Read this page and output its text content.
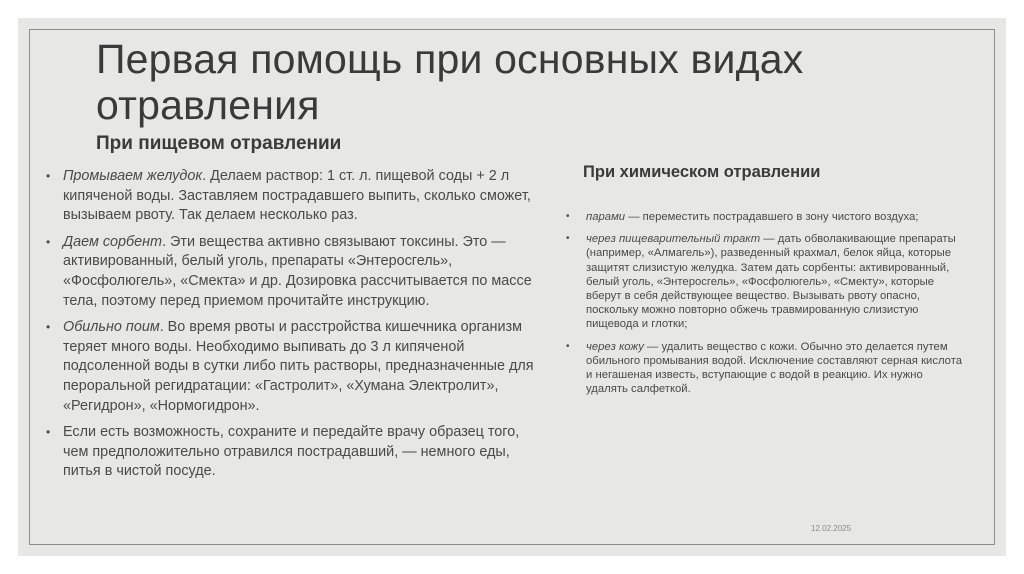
Первая помощь при основных видах отравления
При пищевом отравлении
При химическом отравлении
• Промываем желудок. Делаем раствор: 1 ст. л. пищевой соды + 2 л кипяченой воды. Заставляем пострадавшего выпить, сколько сможет, вызываем рвоту. Так делаем несколько раз.
• Даем сорбент. Эти вещества активно связывают токсины. Это — активированный, белый уголь, препараты «Энтеросгель», «Фосфолюгель», «Смекта» и др. Дозировка рассчитывается по массе тела, поэтому перед приемом прочитайте инструкцию.
• Обильно поим. Во время рвоты и расстройства кишечника организм теряет много воды. Необходимо выпивать до 3 л кипяченой подсоленной воды в сутки либо пить растворы, предназначенные для пероральной регидратации: «Гастролит», «Хумана Электролит», «Регидрон», «Нормогидрон».
• Если есть возможность, сохраните и передайте врачу образец того, чем предположительно отравился пострадавший, — немного еды, питья в чистой посуде.
• парами — переместить пострадавшего в зону чистого воздуха;
• через пищеварительный тракт — дать обволакивающие препараты (например, «Алмагель»), разведенный крахмал, белок яйца, которые защитят слизистую желудка. Затем дать сорбенты: активированный, белый уголь, «Энтеросгель», «Фосфолюгель», «Смекту», которые вберут в себя действующее вещество. Вызывать рвоту опасно, поскольку можно повторно обжечь травмированную слизистую пищевода и глотки;
• через кожу — удалить вещество с кожи. Обычно это делается путем обильного промывания водой. Исключение составляют серная кислота и негашеная известь, вступающие с водой в реакцию. Их нужно удалять салфеткой.
12.02.2025
